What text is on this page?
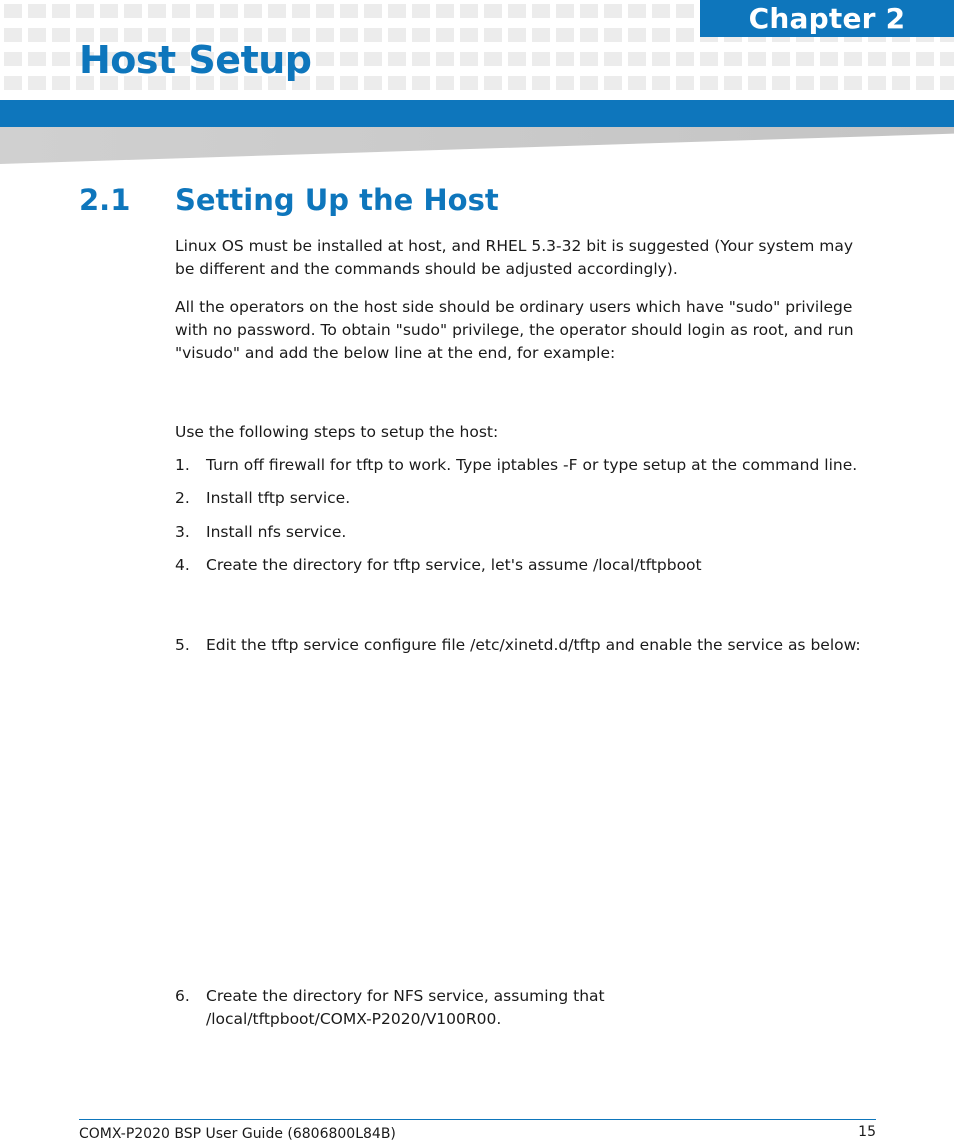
Chapter 2
Host Setup
2.1 Setting Up the Host
Linux OS must be installed at host, and RHEL 5.3-32 bit is suggested (Your system may be different and the commands should be adjusted accordingly).
All the operators on the host side should be ordinary users which have "sudo" privilege with no password. To obtain "sudo" privilege, the operator should login as root, and run "visudo" and add the below line at the end, for example:
Use the following steps to setup the host:
1.	Turn off firewall for tftp to work. Type iptables -F or type setup at the command line.
2.	Install tftp service.
3.	Install nfs service.
4.	Create the directory for tftp service, let's assume /local/tftpboot
5.	Edit the tftp service configure file /etc/xinetd.d/tftp and enable the service as below:
6.	Create the directory for NFS service, assuming that /local/tftpboot/COMX-P2020/V100R00.
COMX-P2020 BSP User Guide (6806800L84B)	15
